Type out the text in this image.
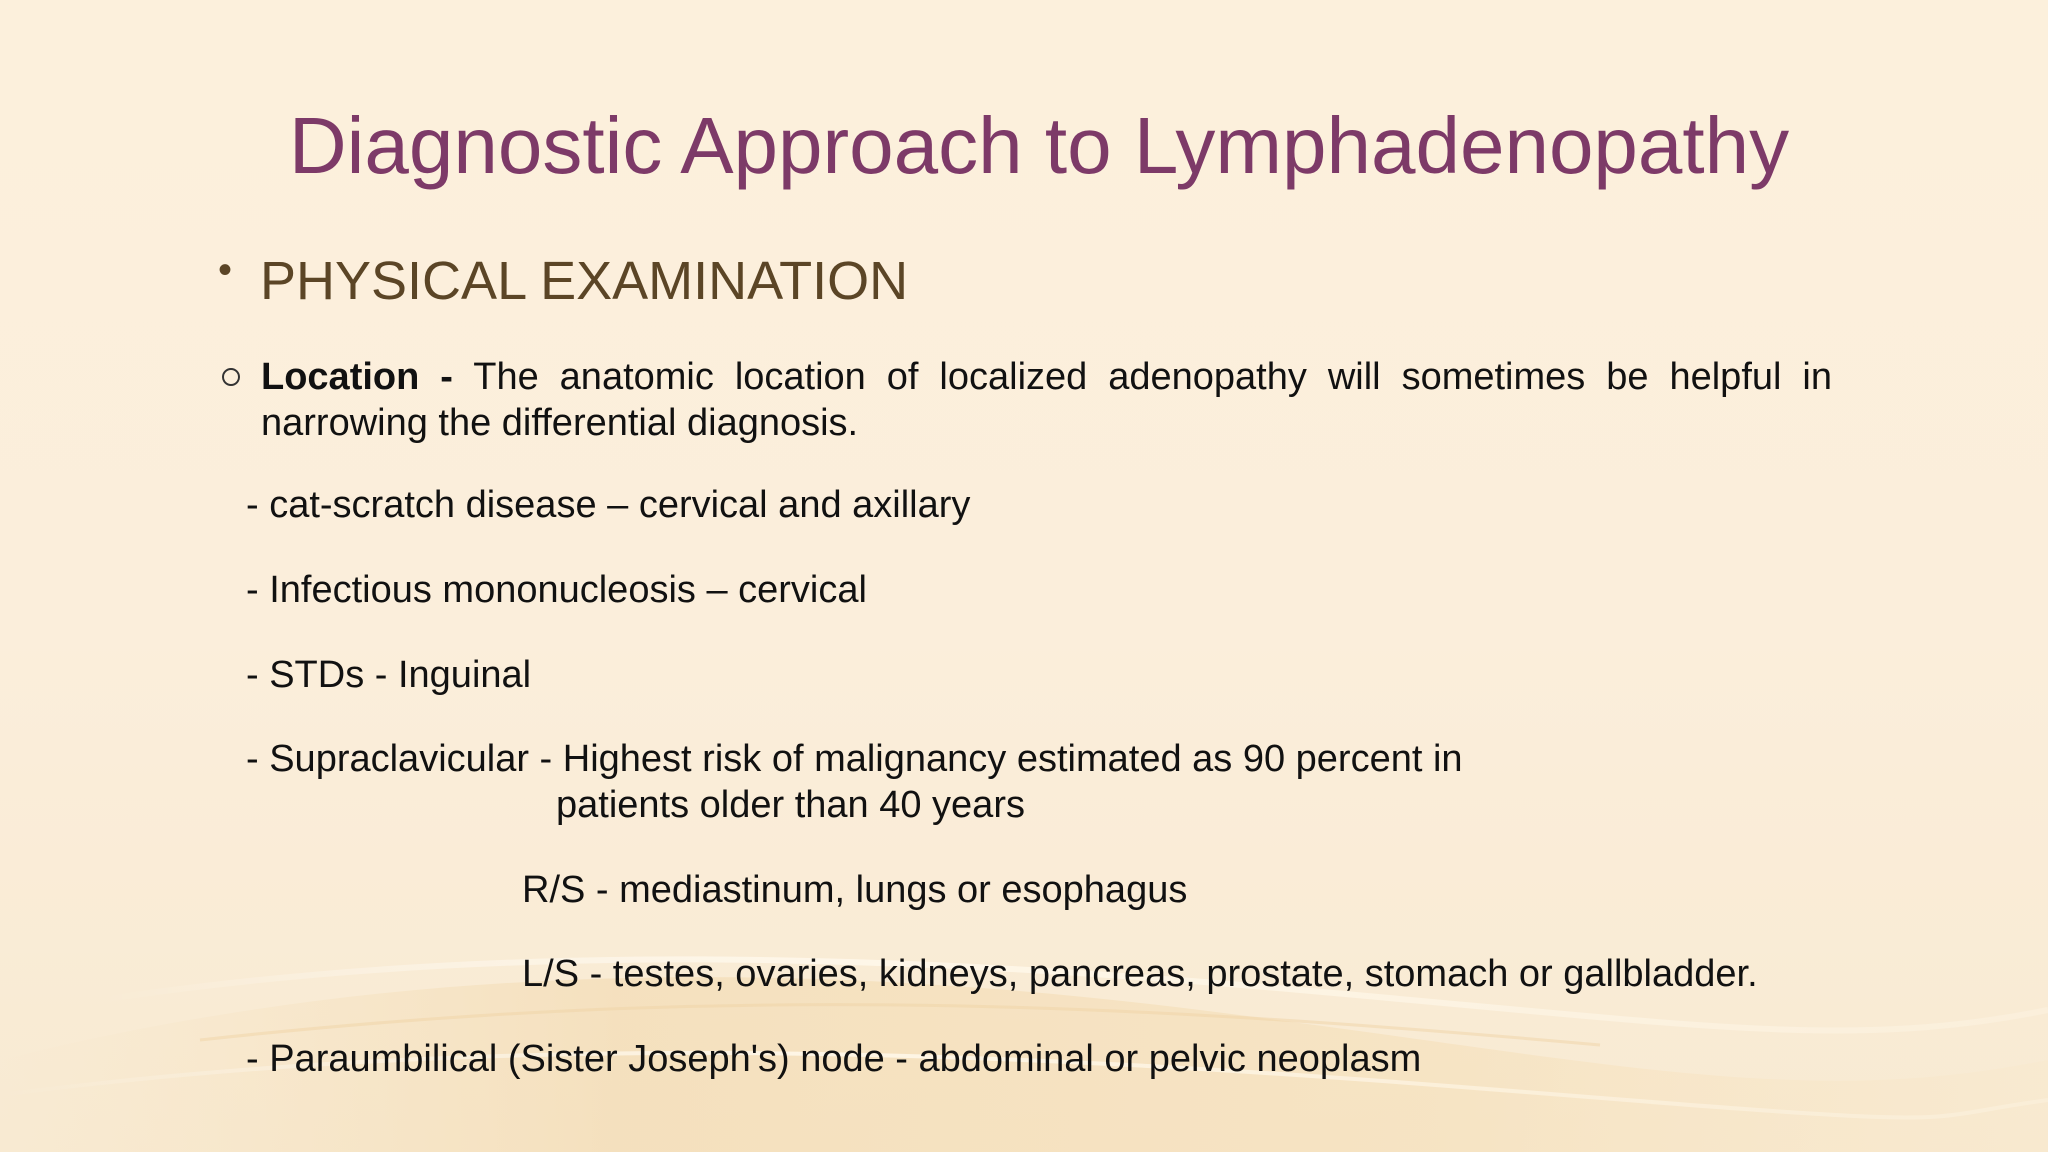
Diagnostic Approach to Lymphadenopathy
• PHYSICAL EXAMINATION
Location - The anatomic location of localized adenopathy will sometimes be helpful in
narrowing the differential diagnosis.
- cat-scratch disease – cervical and axillary
- Infectious mononucleosis – cervical
- STDs - Inguinal
- Supraclavicular - Highest risk of malignancy estimated as 90 percent in
patients older than 40 years
R/S - mediastinum, lungs or esophagus
L/S - testes, ovaries, kidneys, pancreas, prostate, stomach or gallbladder.
- Paraumbilical (Sister Joseph's) node - abdominal or pelvic neoplasm
